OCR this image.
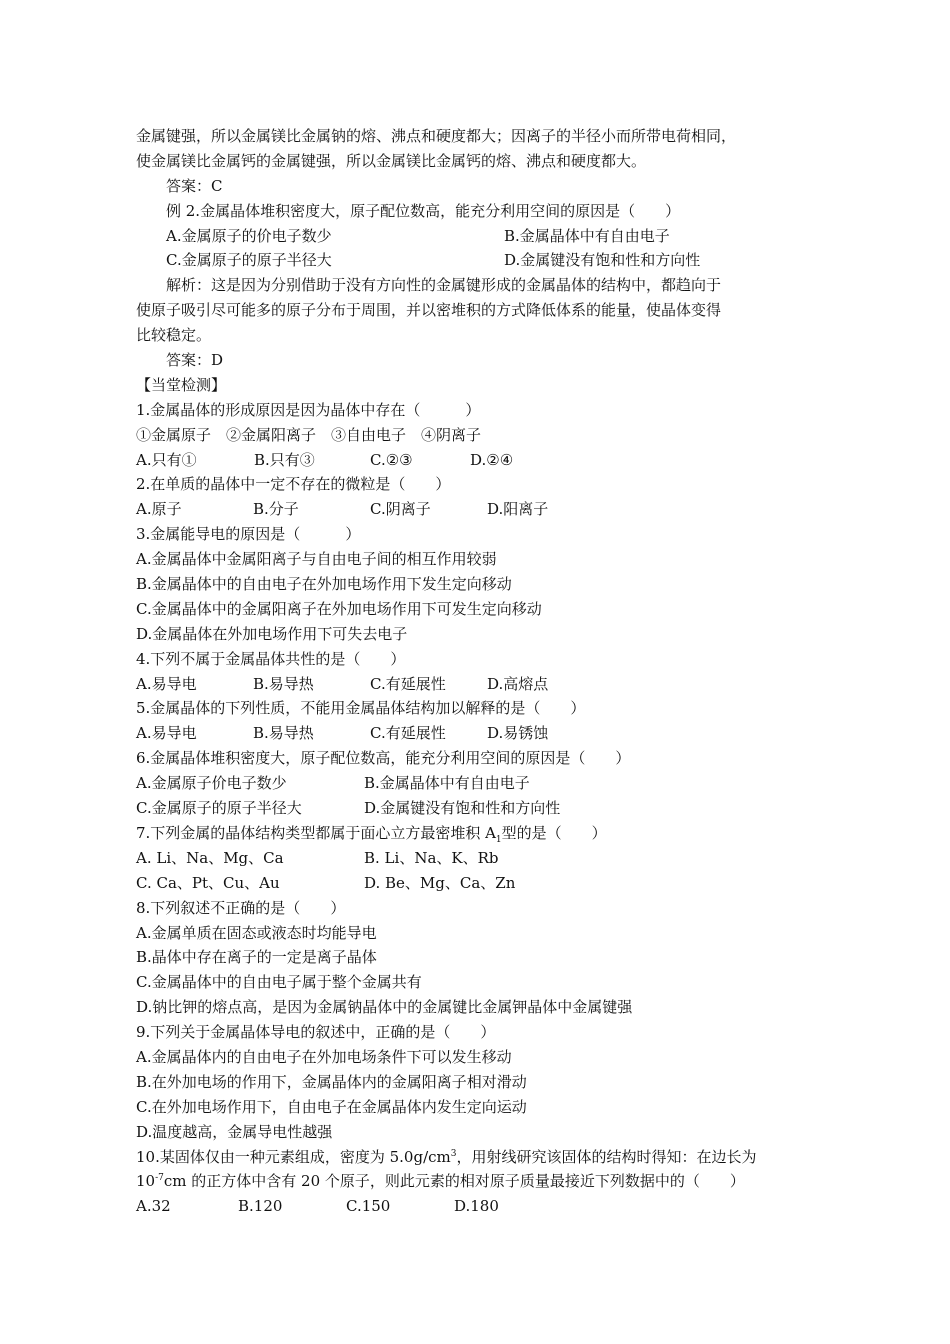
金属键强，所以金属镁比金属钠的熔、沸点和硬度都大；因离子的半径小而所带电荷相同，
使金属镁比金属钙的金属键强，所以金属镁比金属钙的熔、沸点和硬度都大。
答案：C
例 2.金属晶体堆积密度大，原子配位数高，能充分利用空间的原因是（　　）
A.金属原子的价电子数少	B.金属晶体中有自由电子
C.金属原子的原子半径大	D.金属键没有饱和性和方向性
解析：这是因为分别借助于没有方向性的金属键形成的金属晶体的结构中，都趋向于
使原子吸引尽可能多的原子分布于周围，并以密堆积的方式降低体系的能量，使晶体变得
比较稳定。
答案：D
【当堂检测】
1.金属晶体的形成原因是因为晶体中存在（　　　）
①金属原子　②金属阳离子　③自由电子　④阴离子
A.只有①	B.只有③	C.②③	D.②④
2.在单质的晶体中一定不存在的微粒是（　　）
A.原子	B.分子	C.阴离子	D.阳离子
3.金属能导电的原因是（　　　）
A.金属晶体中金属阳离子与自由电子间的相互作用较弱
B.金属晶体中的自由电子在外加电场作用下发生定向移动
C.金属晶体中的金属阳离子在外加电场作用下可发生定向移动
D.金属晶体在外加电场作用下可失去电子
4.下列不属于金属晶体共性的是（　　）
A.易导电	B.易导热	C.有延展性	D.高熔点
5.金属晶体的下列性质，不能用金属晶体结构加以解释的是（　　）
A.易导电	B.易导热	C.有延展性	D.易锈蚀
6.金属晶体堆积密度大，原子配位数高，能充分利用空间的原因是（　　）
A.金属原子价电子数少	B.金属晶体中有自由电子
C.金属原子的原子半径大	D.金属键没有饱和性和方向性
7.下列金属的晶体结构类型都属于面心立方最密堆积 $A_1$型的是（　　）
A. Li、Na、Mg、Ca	B. Li、Na、K、Rb
C. Ca、Pt、Cu、Au	D. Be、Mg、Ca、Zn
8.下列叙述不正确的是（　　）
A.金属单质在固态或液态时均能导电
B.晶体中存在离子的一定是离子晶体
C.金属晶体中的自由电子属于整个金属共有
D.钠比钾的熔点高，是因为金属钠晶体中的金属键比金属钾晶体中金属键强
9.下列关于金属晶体导电的叙述中，正确的是（　　）
A.金属晶体内的自由电子在外加电场条件下可以发生移动
B.在外加电场的作用下，金属晶体内的金属阳离子相对滑动
C.在外加电场作用下，自由电子在金属晶体内发生定向运动
D.温度越高，金属导电性越强
10.某固体仅由一种元素组成，密度为 $5.0g/cm^3$，用射线研究该固体的结构时得知：在边长为
$10^{-7}cm$ 的正方体中含有 20 个原子，则此元素的相对原子质量最接近下列数据中的（　　）
A.32	B.120	C.150	D.180
